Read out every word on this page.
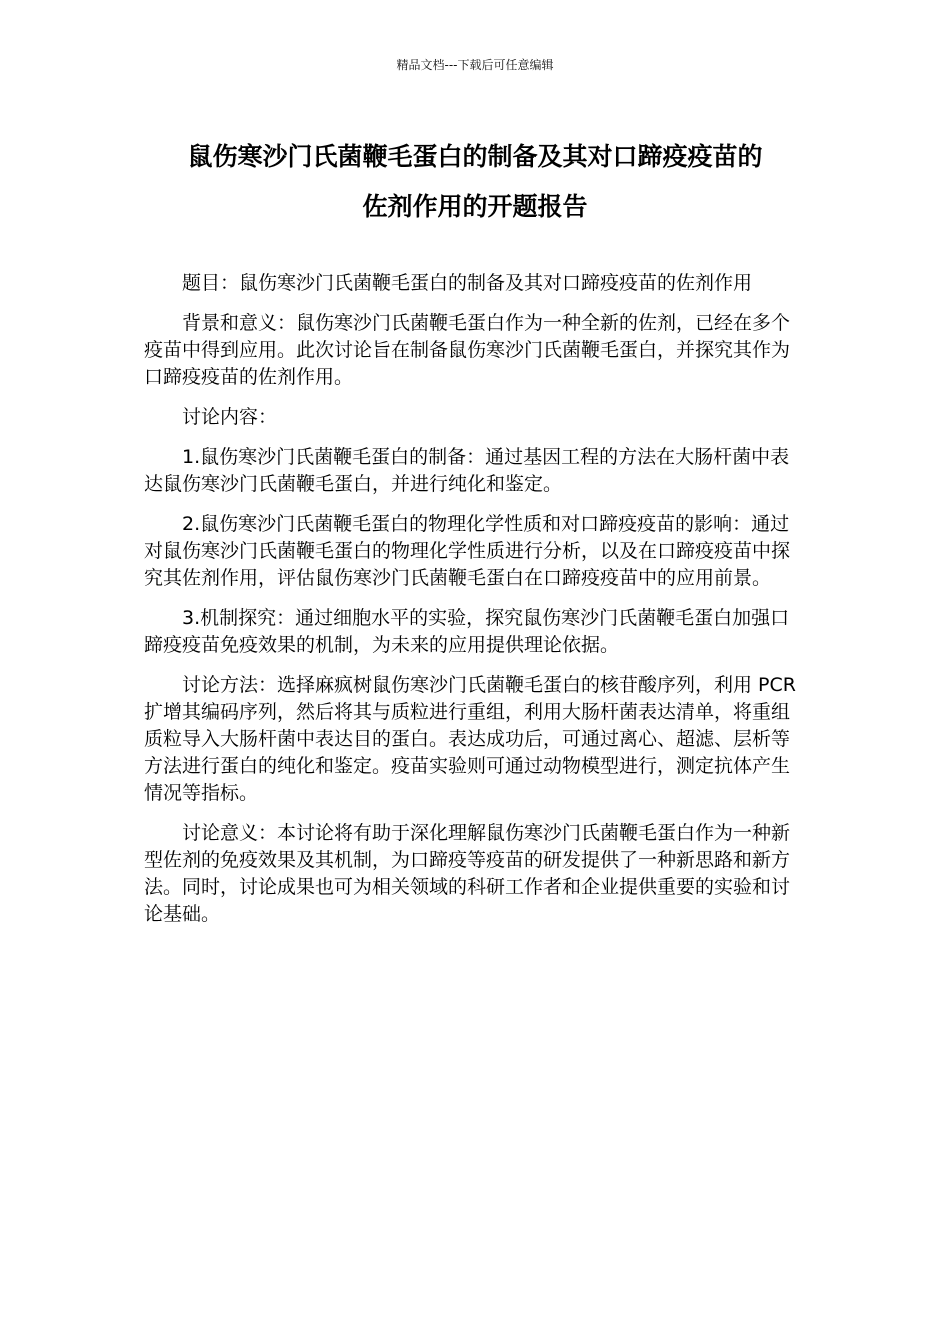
精品文档---下载后可任意编辑
鼠伤寒沙门氏菌鞭毛蛋白的制备及其对口蹄疫疫苗的
佐剂作用的开题报告

题目：鼠伤寒沙门氏菌鞭毛蛋白的制备及其对口蹄疫疫苗的佐剂作用

背景和意义：鼠伤寒沙门氏菌鞭毛蛋白作为一种全新的佐剂，已经在多个疫苗中得到应用。此次讨论旨在制备鼠伤寒沙门氏菌鞭毛蛋白，并探究其作为口蹄疫疫苗的佐剂作用。

讨论内容：

1.鼠伤寒沙门氏菌鞭毛蛋白的制备：通过基因工程的方法在大肠杆菌中表达鼠伤寒沙门氏菌鞭毛蛋白，并进行纯化和鉴定。

2.鼠伤寒沙门氏菌鞭毛蛋白的物理化学性质和对口蹄疫疫苗的影响：通过对鼠伤寒沙门氏菌鞭毛蛋白的物理化学性质进行分析，以及在口蹄疫疫苗中探究其佐剂作用，评估鼠伤寒沙门氏菌鞭毛蛋白在口蹄疫疫苗中的应用前景。

3.机制探究：通过细胞水平的实验，探究鼠伤寒沙门氏菌鞭毛蛋白加强口蹄疫疫苗免疫效果的机制，为未来的应用提供理论依据。

讨论方法：选择麻疯树鼠伤寒沙门氏菌鞭毛蛋白的核苷酸序列，利用 PCR 扩增其编码序列，然后将其与质粒进行重组，利用大肠杆菌表达清单，将重组质粒导入大肠杆菌中表达目的蛋白。表达成功后，可通过离心、超滤、层析等方法进行蛋白的纯化和鉴定。疫苗实验则可通过动物模型进行，测定抗体产生情况等指标。

讨论意义：本讨论将有助于深化理解鼠伤寒沙门氏菌鞭毛蛋白作为一种新型佐剂的免疫效果及其机制，为口蹄疫等疫苗的研发提供了一种新思路和新方法。同时，讨论成果也可为相关领域的科研工作者和企业提供重要的实验和讨论基础。
